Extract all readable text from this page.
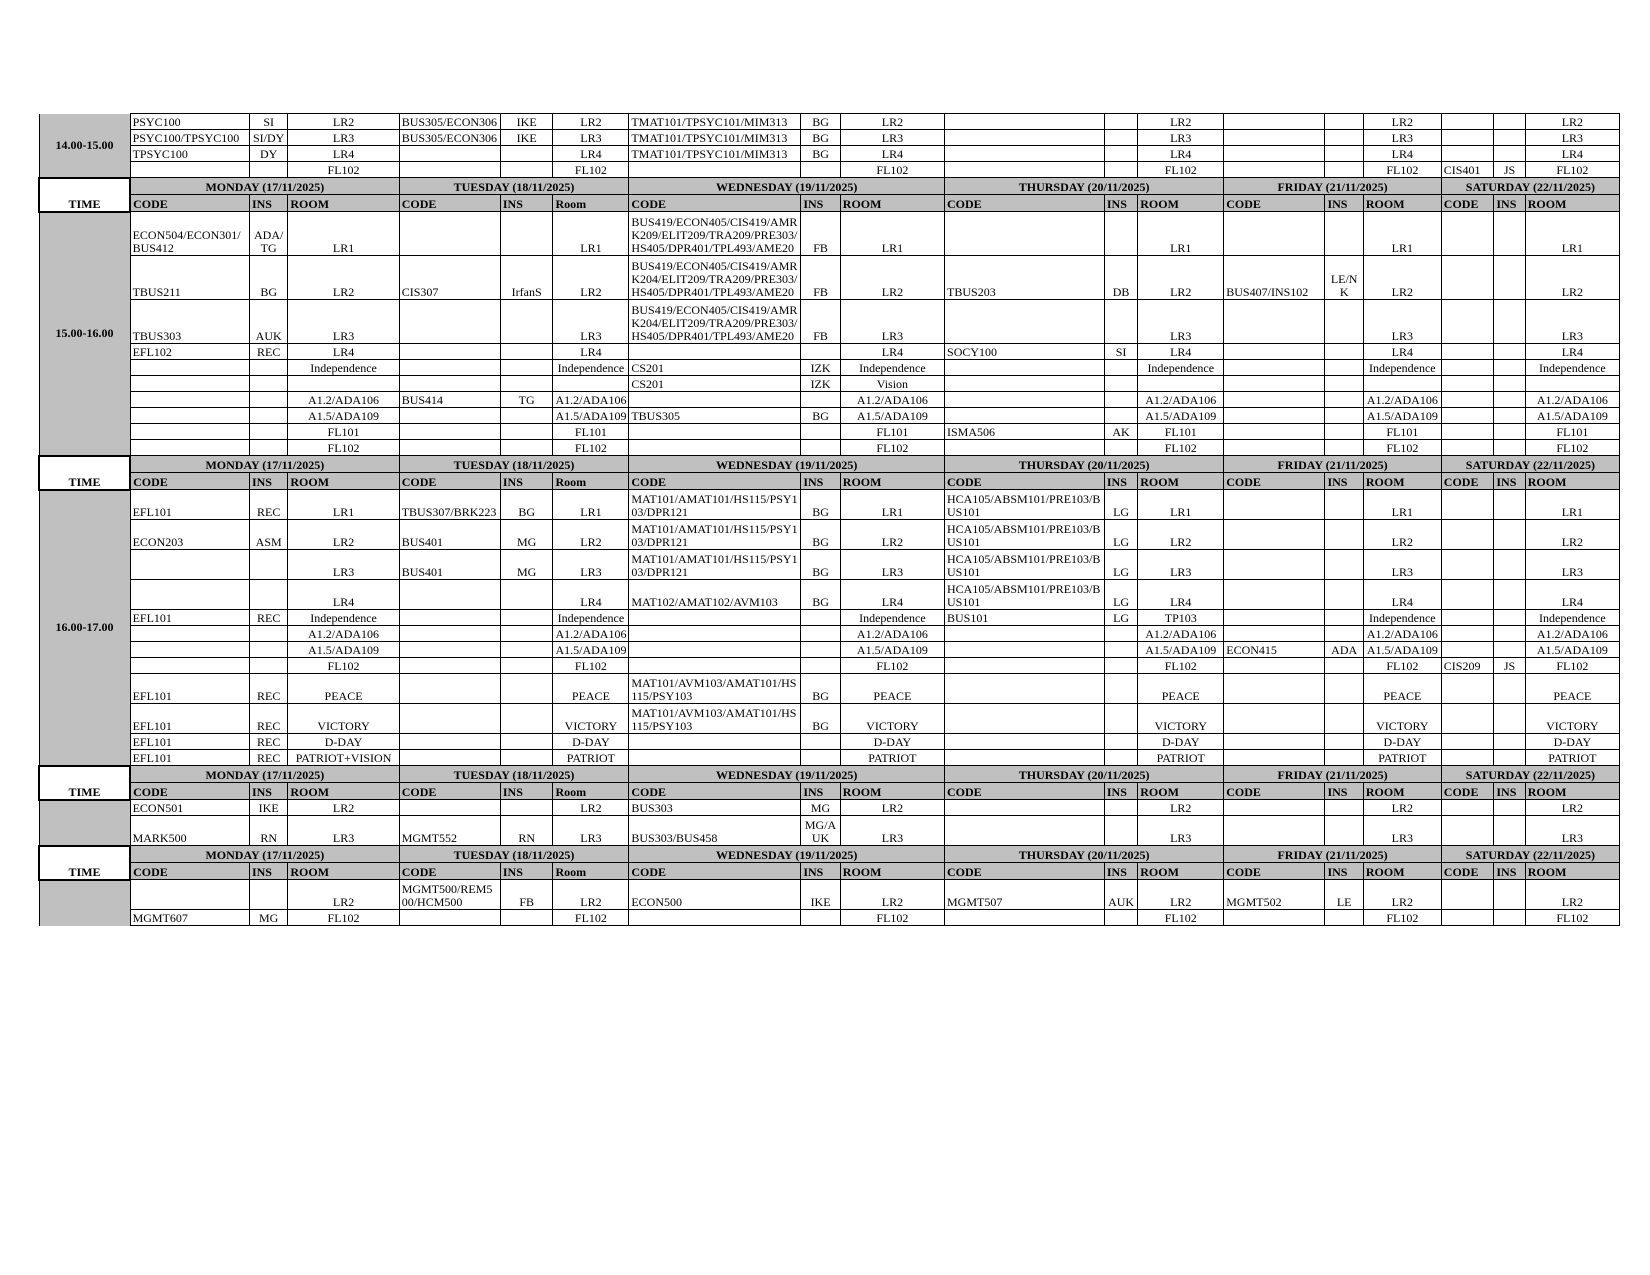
14.00-15.00	PSYC100	SI	LR2	BUS305/ECON306	IKE	LR2	TMAT101/TPSYC101/MIM313	BG	LR2			LR2			LR2			LR2
	PSYC100/TPSYC100	SI/DY	LR3	BUS305/ECON306	IKE	LR3	TMAT101/TPSYC101/MIM313	BG	LR3			LR3			LR3			LR3
	TPSYC100	DY	LR4			LR4	TMAT101/TPSYC101/MIM313	BG	LR4			LR4			LR4			LR4
			FL102			FL102			FL102			FL102			FL102	CIS401	JS	FL102
TIME	MONDAY (17/11/2025)			TUESDAY (18/11/2025)			WEDNESDAY (19/11/2025)			THURSDAY (20/11/2025)			FRIDAY (21/11/2025)			SATURDAY (22/11/2025)		
	CODE	INS	ROOM	CODE	INS	Room	CODE	INS	ROOM	CODE	INS	ROOM	CODE	INS	ROOM	CODE	INS	ROOM
15.00-16.00	ECON504/ECON301/BUS412	ADA/TG	LR1			LR1	BUS419/ECON405/CIS419/AMRK209/ELIT209/TRA209/PRE303/HS405/DPR401/TPL493/AME20	FB	LR1			LR1			LR1			LR1
	TBUS211	BG	LR2	CIS307	IrfanS	LR2	BUS419/ECON405/CIS419/AMRK204/ELIT209/TRA209/PRE303/HS405/DPR401/TPL493/AME20	FB	LR2	TBUS203	DB	LR2	BUS407/INS102	LE/NK	LR2			LR2
	TBUS303	AUK	LR3			LR3	BUS419/ECON405/CIS419/AMRK204/ELIT209/TRA209/PRE303/HS405/DPR401/TPL493/AME20	FB	LR3			LR3			LR3			LR3
	EFL102	REC	LR4			LR4			LR4	SOCY100	SI	LR4			LR4			LR4
			Independence			Independence	CS201	IZK	Independence			Independence			Independence			Independence
							CS201	IZK	Vision									
			A1.2/ADA106	BUS414	TG	A1.2/ADA106			A1.2/ADA106			A1.2/ADA106			A1.2/ADA106			A1.2/ADA106
			A1.5/ADA109			A1.5/ADA109	TBUS305	BG	A1.5/ADA109			A1.5/ADA109			A1.5/ADA109			A1.5/ADA109
			FL101			FL101			FL101	ISMA506	AK	FL101			FL101			FL101
			FL102			FL102			FL102			FL102			FL102			FL102
TIME	MONDAY (17/11/2025)			TUESDAY (18/11/2025)			WEDNESDAY (19/11/2025)			THURSDAY (20/11/2025)			FRIDAY (21/11/2025)			SATURDAY (22/11/2025)		
	CODE	INS	ROOM	CODE	INS	Room	CODE	INS	ROOM	CODE	INS	ROOM	CODE	INS	ROOM	CODE	INS	ROOM
16.00-17.00	EFL101	REC	LR1	TBUS307/BRK223	BG	LR1	MAT101/AMAT101/HS115/PSY103/DPR121	BG	LR1	HCA105/ABSM101/PRE103/BUS101	LG	LR1			LR1			LR1
	ECON203	ASM	LR2	BUS401	MG	LR2	MAT101/AMAT101/HS115/PSY103/DPR121	BG	LR2	HCA105/ABSM101/PRE103/BUS101	LG	LR2			LR2			LR2
			LR3	BUS401	MG	LR3	MAT101/AMAT101/HS115/PSY103/DPR121	BG	LR3	HCA105/ABSM101/PRE103/BUS101	LG	LR3			LR3			LR3
			LR4			LR4	MAT102/AMAT102/AVM103	BG	LR4	HCA105/ABSM101/PRE103/BUS101	LG	LR4			LR4			LR4
	EFL101	REC	Independence			Independence			Independence	BUS101	LG	TP103			Independence			Independence
			A1.2/ADA106			A1.2/ADA106			A1.2/ADA106			A1.2/ADA106			A1.2/ADA106			A1.2/ADA106
			A1.5/ADA109			A1.5/ADA109			A1.5/ADA109			A1.5/ADA109	ECON415	ADA	A1.5/ADA109			A1.5/ADA109
			FL102			FL102			FL102			FL102			FL102	CIS209	JS	FL102
	EFL101	REC	PEACE			PEACE	MAT101/AVM103/AMAT101/HS115/PSY103	BG	PEACE			PEACE			PEACE			PEACE
	EFL101	REC	VICTORY			VICTORY	MAT101/AVM103/AMAT101/HS115/PSY103	BG	VICTORY			VICTORY			VICTORY			VICTORY
	EFL101	REC	D-DAY			D-DAY			D-DAY			D-DAY			D-DAY			D-DAY
	EFL101	REC	PATRIOT+VISION			PATRIOT			PATRIOT			PATRIOT			PATRIOT			PATRIOT
TIME	MONDAY (17/11/2025)			TUESDAY (18/11/2025)			WEDNESDAY (19/11/2025)			THURSDAY (20/11/2025)			FRIDAY (21/11/2025)			SATURDAY (22/11/2025)		
	CODE	INS	ROOM	CODE	INS	Room	CODE	INS	ROOM	CODE	INS	ROOM	CODE	INS	ROOM	CODE	INS	ROOM
	ECON501	IKE	LR2			LR2	BUS303	MG	LR2			LR2			LR2			LR2
	MARK500	RN	LR3	MGMT552	RN	LR3	BUS303/BUS458	MG/AUK	LR3			LR3			LR3			LR3
TIME	MONDAY (17/11/2025)			TUESDAY (18/11/2025)			WEDNESDAY (19/11/2025)			THURSDAY (20/11/2025)			FRIDAY (21/11/2025)			SATURDAY (22/11/2025)		
	CODE	INS	ROOM	CODE	INS	Room	CODE	INS	ROOM	CODE	INS	ROOM	CODE	INS	ROOM	CODE	INS	ROOM
			LR2	MGMT500/REM500/HCM500	FB	LR2	ECON500	IKE	LR2	MGMT507	AUK	LR2	MGMT502	LE	LR2			LR2
	MGMT607	MG	FL102			FL102			FL102			FL102			FL102			FL102
